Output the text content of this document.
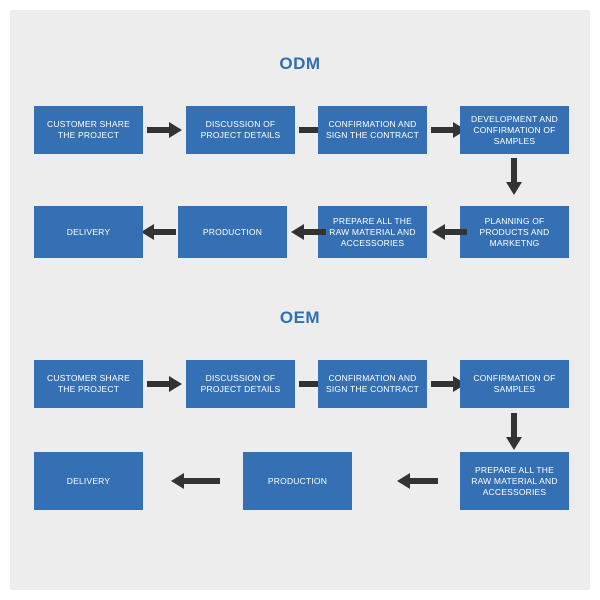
ODM
CUSTOMER SHARE THE PROJECT
DISCUSSION OF PROJECT DETAILS
CONFIRMATION AND SIGN THE CONTRACT
DEVELOPMENT AND CONFIRMATION OF SAMPLES
PLANNING OF PRODUCTS AND MARKETNG
PREPARE ALL THE RAW MATERIAL AND ACCESSORIES
PRODUCTION
DELIVERY
OEM
CUSTOMER SHARE THE PROJECT
DISCUSSION OF PROJECT DETAILS
CONFIRMATION AND SIGN THE CONTRACT
CONFIRMATION OF SAMPLES
PREPARE ALL THE RAW MATERIAL AND ACCESSORIES
PRODUCTION
DELIVERY
